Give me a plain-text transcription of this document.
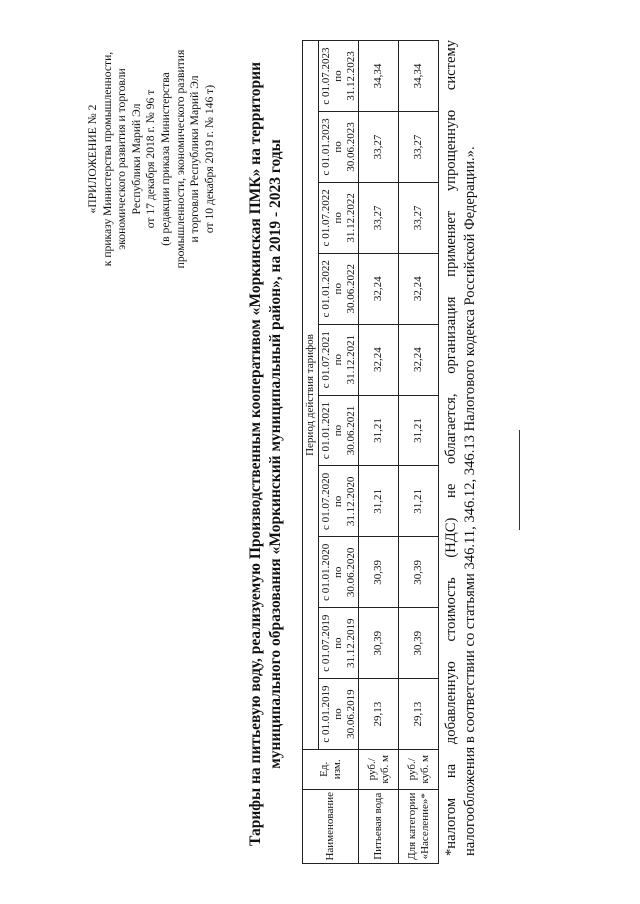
«ПРИЛОЖЕНИЕ № 2 к приказу Министерства промышленности, экономического развития и торговли Республики Марий Эл от 17 декабря 2018 г. № 96 т (в редакции приказа Министерства промышленности, экономического развития и торговли Республики Марий Эл от 10 декабря 2019 г. № 146 т) Тарифы на питьевую воду, реализуемую Производственным кооперативом «Моркинская ПМК» на территории муниципального образования «Моркинский муниципальный район», на 2019 - 2023 годы
Наименование	Ед. изм.	Период действия тарифов									

		с 01.01.2019 по 30.06.2019	с 01.07.2019 по 31.12.2019	с 01.01.2020 по 30.06.2020	с 01.07.2020 по 31.12.2020	с 01.01.2021 по 30.06.2021	с 01.07.2021 по 31.12.2021	с 01.01.2022 по 30.06.2022	с 01.07.2022 по 31.12.2022	с 01.01.2023 по 30.06.2023	с 01.07.2023 по 31.12.2023

Питьевая вода	руб./ куб. м	29,13	30,39	30,39	31,21	31,21	32,24	32,24	33,27	33,27	34,34
Для категории «Население»*	руб./ куб. м	29,13	30,39	30,39	31,21	31,21	32,24	32,24	33,27	33,27	34,34
*налогом
на
добавленную
стоимость
(НДС)
не
облагается,
организация
применяет
упрощенную
систему
налогообложения в соответствии со статьями 346.11, 346.12, 346.13 Налогового кодекса Российской Федерации.».
